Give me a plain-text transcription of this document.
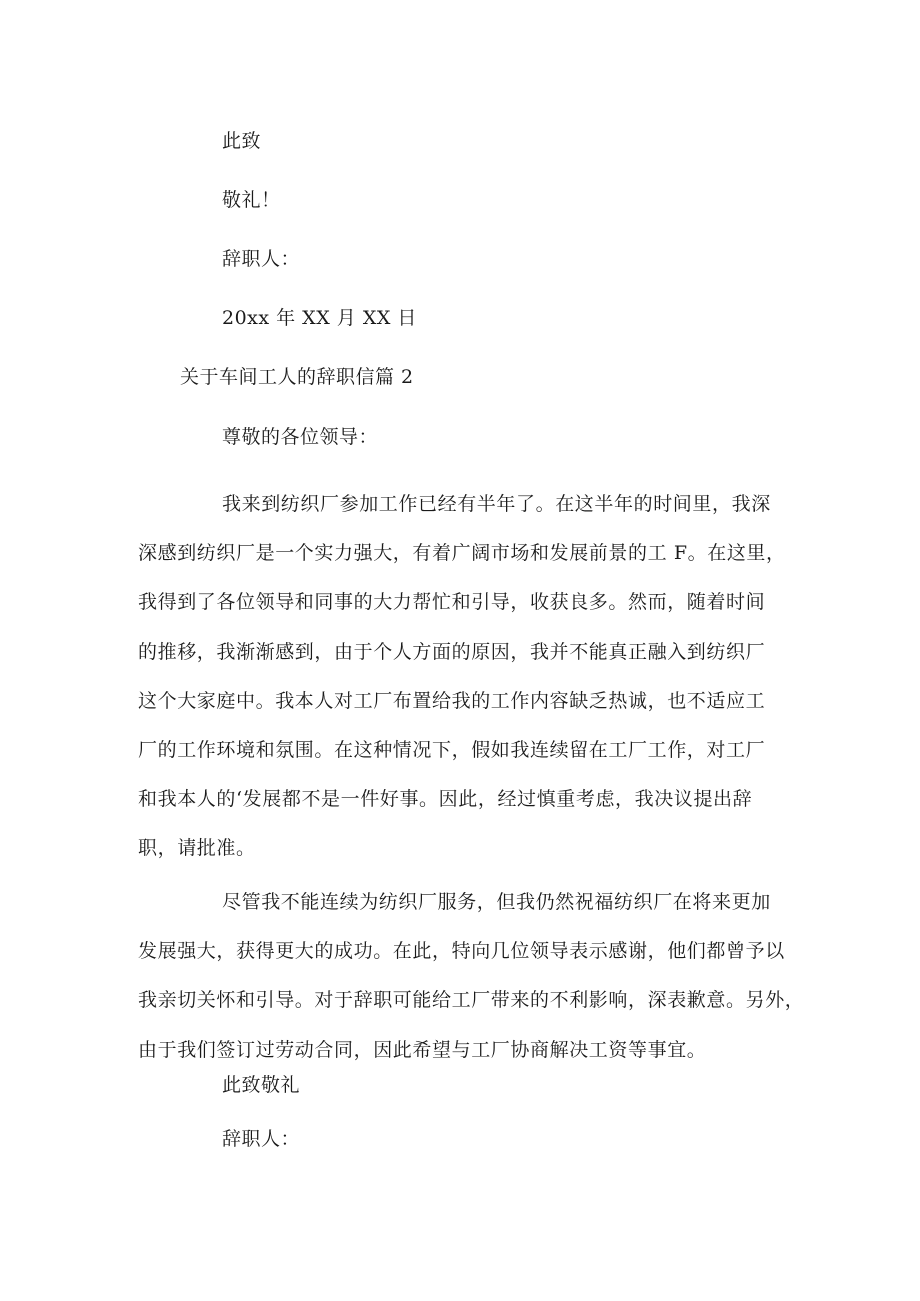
此致
敬礼！
辞职人：
20xx 年 XX 月 XX 日
关于车间工人的辞职信篇 2
尊敬的各位领导：
我来到纺织厂参加工作已经有半年了。在这半年的时间里，我深
深感到纺织厂是一个实力强大，有着广阔市场和发展前景的工 F。在这里，
我得到了各位领导和同事的大力帮忙和引导，收获良多。然而，随着时间
的推移，我渐渐感到，由于个人方面的原因，我并不能真正融入到纺织厂
这个大家庭中。我本人对工厂布置给我的工作内容缺乏热诚，也不适应工
厂的工作环境和氛围。在这种情况下，假如我连续留在工厂工作，对工厂
和我本人的‘发展都不是一件好事。因此，经过慎重考虑，我决议提出辞
职，请批准。
尽管我不能连续为纺织厂服务，但我仍然祝福纺织厂在将来更加
发展强大，获得更大的成功。在此，特向几位领导表示感谢，他们都曾予以
我亲切关怀和引导。对于辞职可能给工厂带来的不利影响，深表歉意。另外，
由于我们签订过劳动合同，因此希望与工厂协商解决工资等事宜。
此致敬礼
辞职人：
